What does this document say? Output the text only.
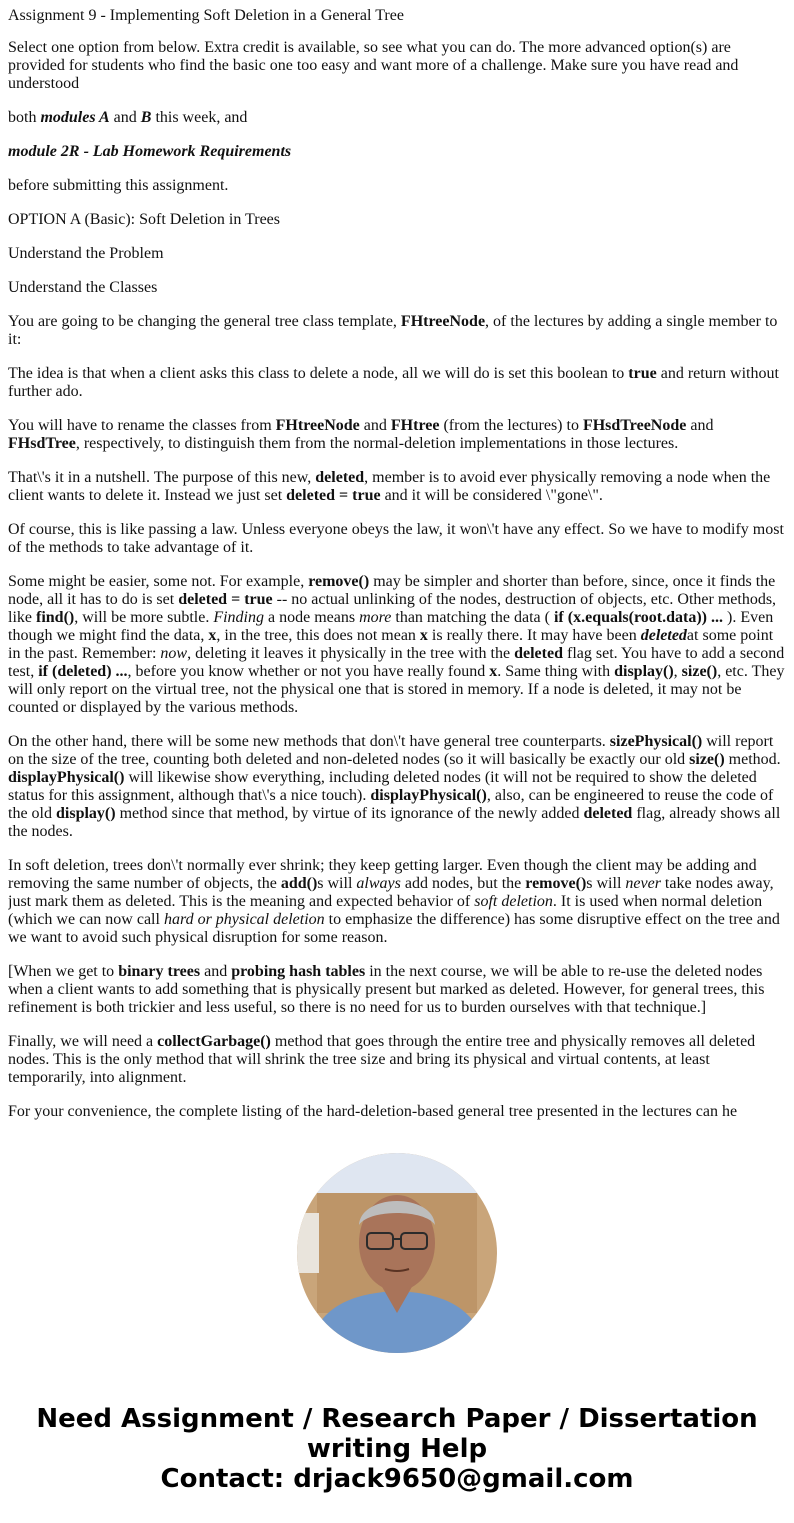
Assignment 9 - Implementing Soft Deletion in a General Tree

Select one option from below. Extra credit is available, so see what you can do. The more advanced option(s) are provided for students who find the basic one too easy and want more of a challenge. Make sure you have read and understood

both modules A and B this week, and

module 2R - Lab Homework Requirements

before submitting this assignment.

OPTION A (Basic): Soft Deletion in Trees

Understand the Problem

Understand the Classes

You are going to be changing the general tree class template, FHtreeNode, of the lectures by adding a single member to it:

The idea is that when a client asks this class to delete a node, all we will do is set this boolean to true and return without further ado.

You will have to rename the classes from FHtreeNode and FHtree (from the lectures) to FHsdTreeNode and FHsdTree, respectively, to distinguish them from the normal-deletion implementations in those lectures.

That\'s it in a nutshell. The purpose of this new, deleted, member is to avoid ever physically removing a node when the client wants to delete it. Instead we just set deleted = true and it will be considered \"gone\".

Of course, this is like passing a law. Unless everyone obeys the law, it won\'t have any effect. So we have to modify most of the methods to take advantage of it.

Some might be easier, some not. For example, remove() may be simpler and shorter than before, since, once it finds the node, all it has to do is set deleted = true -- no actual unlinking of the nodes, destruction of objects, etc. Other methods, like find(), will be more subtle. Finding a node means more than matching the data ( if (x.equals(root.data)) ... ). Even though we might find the data, x, in the tree, this does not mean x is really there. It may have been deletedat some point in the past. Remember: now, deleting it leaves it physically in the tree with the deleted flag set. You have to add a second test, if (deleted) ..., before you know whether or not you have really found x. Same thing with display(), size(), etc. They will only report on the virtual tree, not the physical one that is stored in memory. If a node is deleted, it may not be counted or displayed by the various methods.

On the other hand, there will be some new methods that don\'t have general tree counterparts. sizePhysical() will report on the size of the tree, counting both deleted and non-deleted nodes (so it will basically be exactly our old size() method. displayPhysical() will likewise show everything, including deleted nodes (it will not be required to show the deleted status for this assignment, although that\'s a nice touch). displayPhysical(), also, can be engineered to reuse the code of the old display() method since that method, by virtue of its ignorance of the newly added deleted flag, already shows all the nodes.

In soft deletion, trees don\'t normally ever shrink; they keep getting larger. Even though the client may be adding and removing the same number of objects, the add()s will always add nodes, but the remove()s will never take nodes away, just mark them as deleted. This is the meaning and expected behavior of soft deletion. It is used when normal deletion (which we can now call hard or physical deletion to emphasize the difference) has some disruptive effect on the tree and we want to avoid such physical disruption for some reason.

[When we get to binary trees and probing hash tables in the next course, we will be able to re-use the deleted nodes when a client wants to add something that is physically present but marked as deleted. However, for general trees, this refinement is both trickier and less useful, so there is no need for us to burden ourselves with that technique.]

Finally, we will need a collectGarbage() method that goes through the entire tree and physically removes all deleted nodes. This is the only method that will shrink the tree size and bring its physical and virtual contents, at least temporarily, into alignment.

For your convenience, the complete listing of the hard-deletion-based general tree presented in the lectures can he

Need Assignment / Research Paper / Dissertation
writing Help
Contact: drjack9650@gmail.com
